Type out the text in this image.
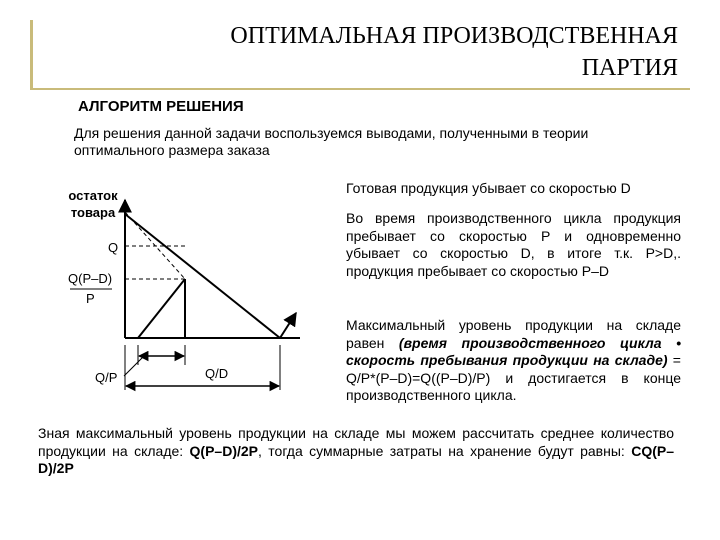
ОПТИМАЛЬНАЯ ПРОИЗВОДСТВЕННАЯ
ПАРТИЯ
АЛГОРИТМ РЕШЕНИЯ
Для решения данной задачи воспользуемся выводами, полученными в теории оптимального размера заказа
остаток товара
Q
Q(P–D)
P
Q/P	Q/D
Готовая продукция убывает со скоростью D
Во время производственного цикла продукция пребывает со скоростью P и одновременно убывает со скоростью D, в итоге т.к. P>D,. продукция пребывает со скоростью P–D
Максимальный уровень продукции на складе равен (время производственного цикла • скорость пребывания продукции на складе) = Q/P*(P–D)=Q((P–D)/P) и достигается в конце производственного цикла.
Зная максимальный уровень продукции на складе мы можем рассчитать среднее количество продукции на складе: Q(P–D)/2P, тогда суммарные затраты на хранение будут равны: CQ(P–D)/2P
